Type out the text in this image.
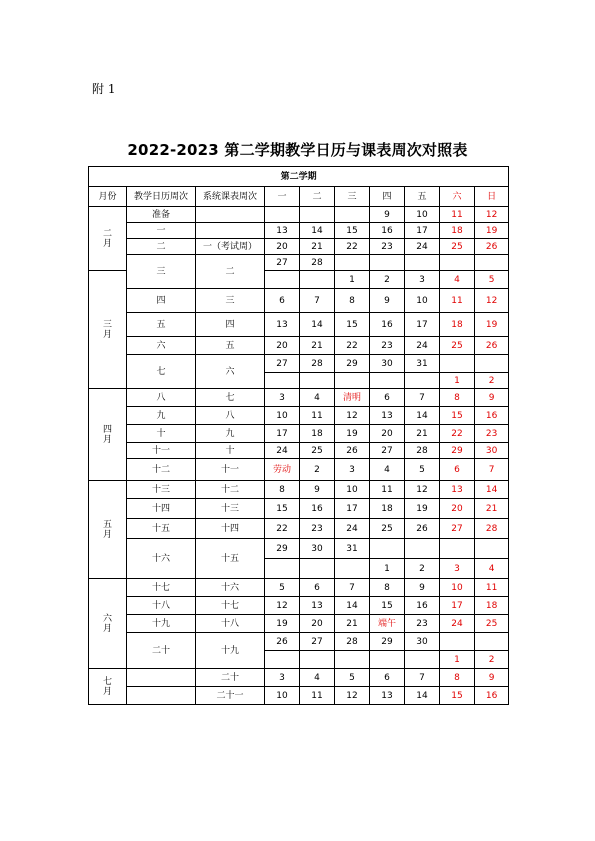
附 1
2022-2023 第二学期教学日历与课表周次对照表
第二学期									
月份	教学日历周次	系统课表周次	一	二	三	四	五	六	日
二
月	准备					9	10	11	12
	一		13	14	15	16	17	18	19
	二	一（考试周）	20	21	22	23	24	25	26
	三	二	27	28					
三
月					1	2	3	4	5
	四	三	6	7	8	9	10	11	12
	五	四	13	14	15	16	17	18	19
	六	五	20	21	22	23	24	25	26
	七	六	27	28	29	30	31		
								1	2
四
月	八	七	3	4	清明	6	7	8	9
	九	八	10	11	12	13	14	15	16
	十	九	17	18	19	20	21	22	23
	十一	十	24	25	26	27	28	29	30
	十二	十一	劳动	2	3	4	5	6	7
五
月	十三	十二	8	9	10	11	12	13	14
	十四	十三	15	16	17	18	19	20	21
	十五	十四	22	23	24	25	26	27	28
	十六	十五	29	30	31				
						1	2	3	4
六
月	十七	十六	5	6	7	8	9	10	11
	十八	十七	12	13	14	15	16	17	18
	十九	十八	19	20	21	端午	23	24	25
	二十	十九	26	27	28	29	30		
								1	2
七
月		二十	3	4	5	6	7	8	9
		二十一	10	11	12	13	14	15	16
